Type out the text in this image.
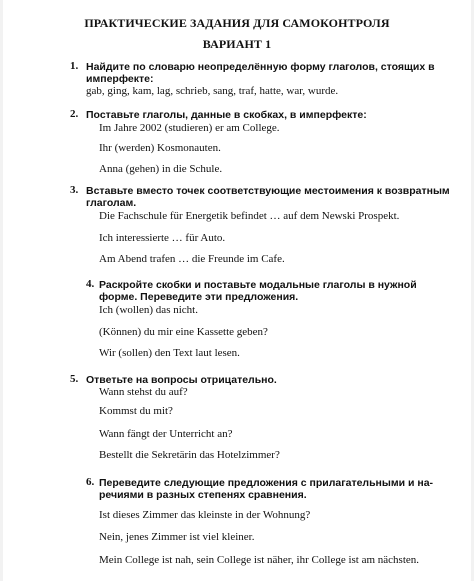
ПРАКТИЧЕСКИЕ ЗАДАНИЯ ДЛЯ САМОКОНТРОЛЯ
ВАРИАНТ 1
1. Найдите по словарю неопределённую форму глаголов, стоящих в
имперфекте:
gab, ging, kam, lag, schrieb, sang, traf, hatte, war, wurde.
2. Поставьте глаголы, данные в скобках, в имперфекте:
Im Jahre 2002 (studieren) er am College.
Ihr (werden) Kosmonauten.
Anna (gehen) in die Schule.
3. Вставьте вместо точек соответствующие местоимения к возвратным
глаголам.
Die Fachschule für Energetik befindet … auf dem Newski Prospekt.
Ich interessierte … für Auto.
Am Abend trafen … die Freunde im Cafe.
4. Раскройте скобки и поставьте модальные глаголы в нужной
форме. Переведите эти предложения.
Ich (wollen) das nicht.
(Können) du mir eine Kassette geben?
Wir (sollen) den Text laut lesen.
5. Ответьте на вопросы отрицательно.
Wann stehst du auf?
Kommst du mit?
Wann fängt der Unterricht an?
Bestellt die Sekretärin das Hotelzimmer?
6. Переведите следующие предложения с прилагательными и на-
речиями в разных степенях сравнения.
Ist dieses Zimmer das kleinste in der Wohnung?
Nein, jenes Zimmer ist viel kleiner.
Mein College ist nah, sein College ist näher, ihr College ist am nächsten.
